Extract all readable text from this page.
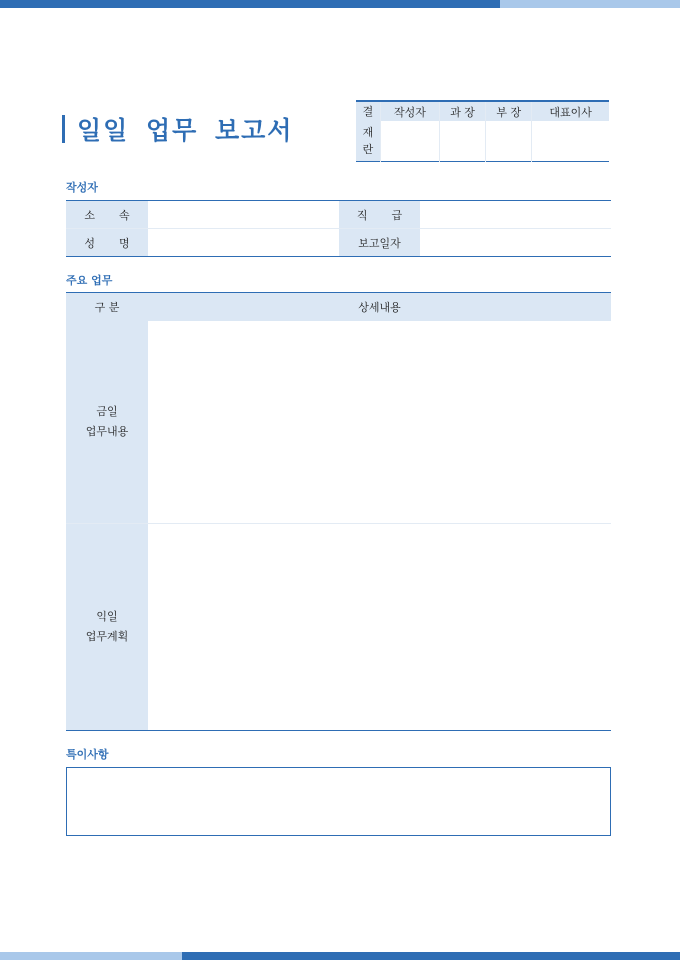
일일 업무 보고서
결	작성자	과 장	부 장	대표이사

재
란				

작성자
소속		직급	
성명		보고일자	
주요 업무
구 분	상세내용

금일
업무내용	

익일
업무계획	

특이사항
